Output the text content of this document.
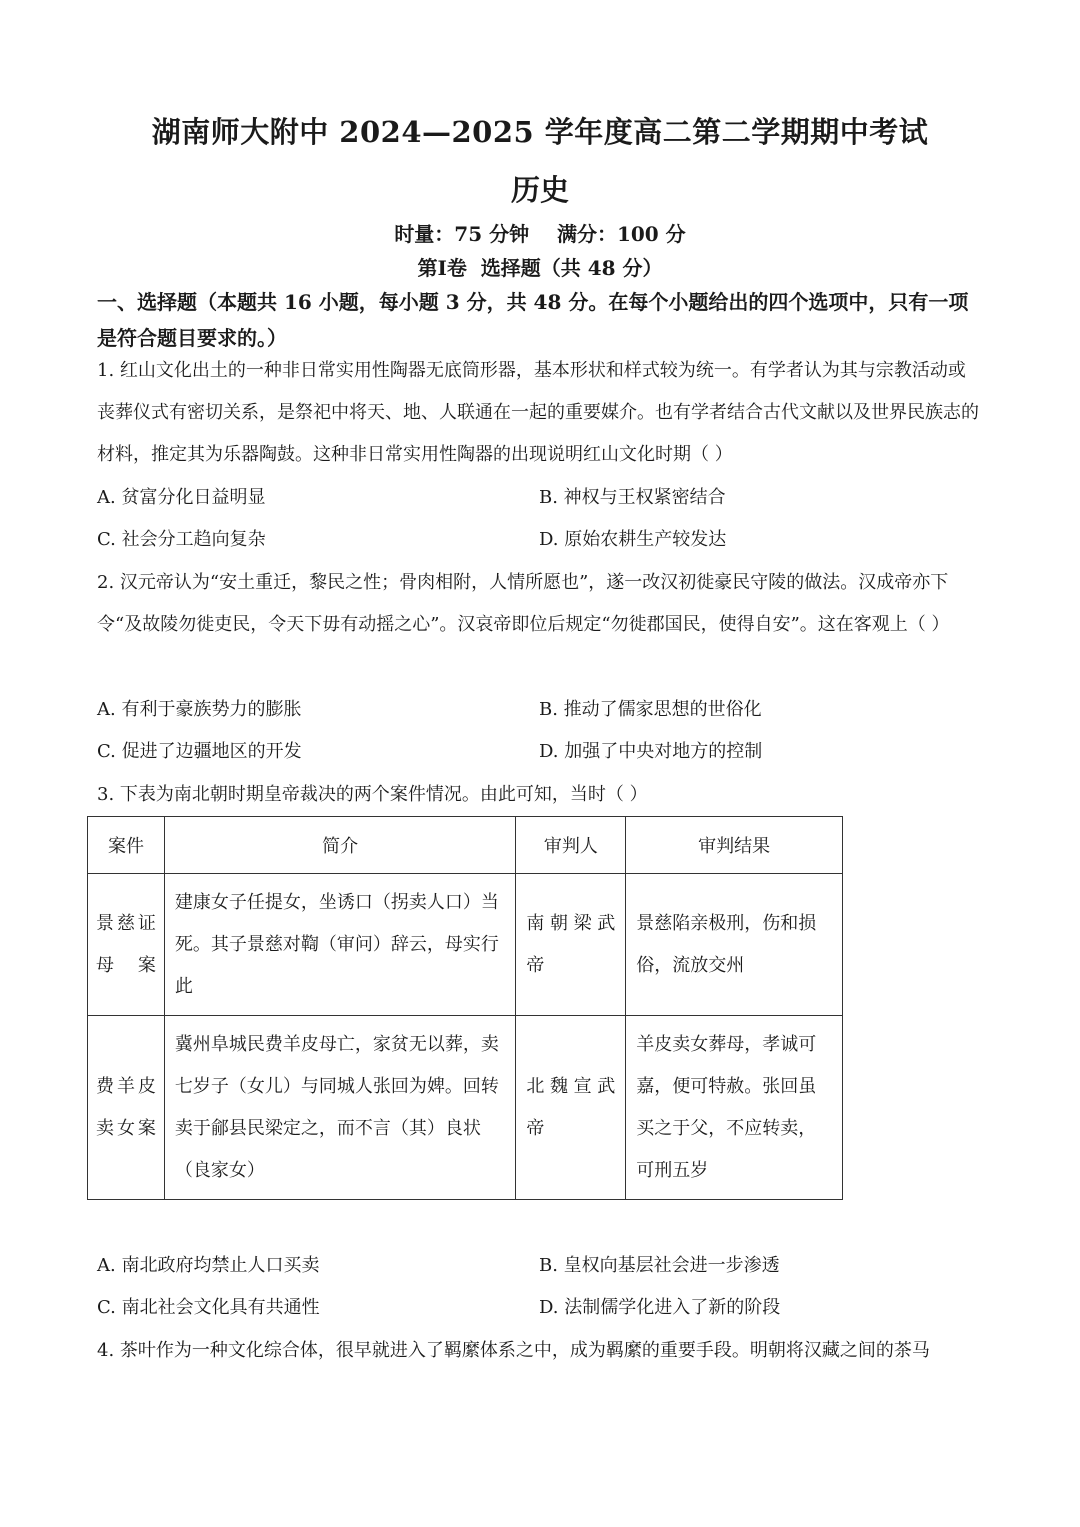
湖南师大附中 2024—2025 学年度高二第二学期期中考试
历史
时量：75 分钟    满分：100 分
第Ⅰ卷  选择题（共 48 分）
一、选择题（本题共 16 小题，每小题 3 分，共 48 分。在每个小题给出的四个选项中，只有一项是符合题目要求的。）
1. 红山文化出土的一种非日常实用性陶器无底筒形器，基本形状和样式较为统一。有学者认为其与宗教活动或丧葬仪式有密切关系，是祭祀中将天、地、人联通在一起的重要媒介。也有学者结合古代文献以及世界民族志的材料，推定其为乐器陶鼓。这种非日常实用性陶器的出现说明红山文化时期（ ）
A. 贫富分化日益明显	B. 神权与王权紧密结合
C. 社会分工趋向复杂	D. 原始农耕生产较发达
2. 汉元帝认为“安土重迁，黎民之性；骨肉相附，人情所愿也”，遂一改汉初徙豪民守陵的做法。汉成帝亦下令“及故陵勿徙吏民，令天下毋有动摇之心”。汉哀帝即位后规定“勿徙郡国民，使得自安”。这在客观上（ ）
A. 有利于豪族势力的膨胀	B. 推动了儒家思想的世俗化
C. 促进了边疆地区的开发	D. 加强了中央对地方的控制
3. 下表为南北朝时期皇帝裁决的两个案件情况。由此可知，当时（ ）
案件	简介	审判人	审判结果

景慈证母案	建康女子任提女，坐诱口（拐卖人口）当死。其子景慈对鞫（审问）辞云，母实行此	南朝梁武帝	景慈陷亲极刑，伤和损俗，流放交州

费羊皮卖女案	冀州阜城民费羊皮母亡，家贫无以葬，卖七岁子（女儿）与同城人张回为婢。回转卖于鄃县民梁定之，而不言（其）良状（良家女）	北魏宣武帝	羊皮卖女葬母，孝诚可嘉，便可特赦。张回虽买之于父，不应转卖，可刑五岁
A. 南北政府均禁止人口买卖	B. 皇权向基层社会进一步渗透
C. 南北社会文化具有共通性	D. 法制儒学化进入了新的阶段
4. 茶叶作为一种文化综合体，很早就进入了羁縻体系之中，成为羁縻的重要手段。明朝将汉藏之间的茶马
